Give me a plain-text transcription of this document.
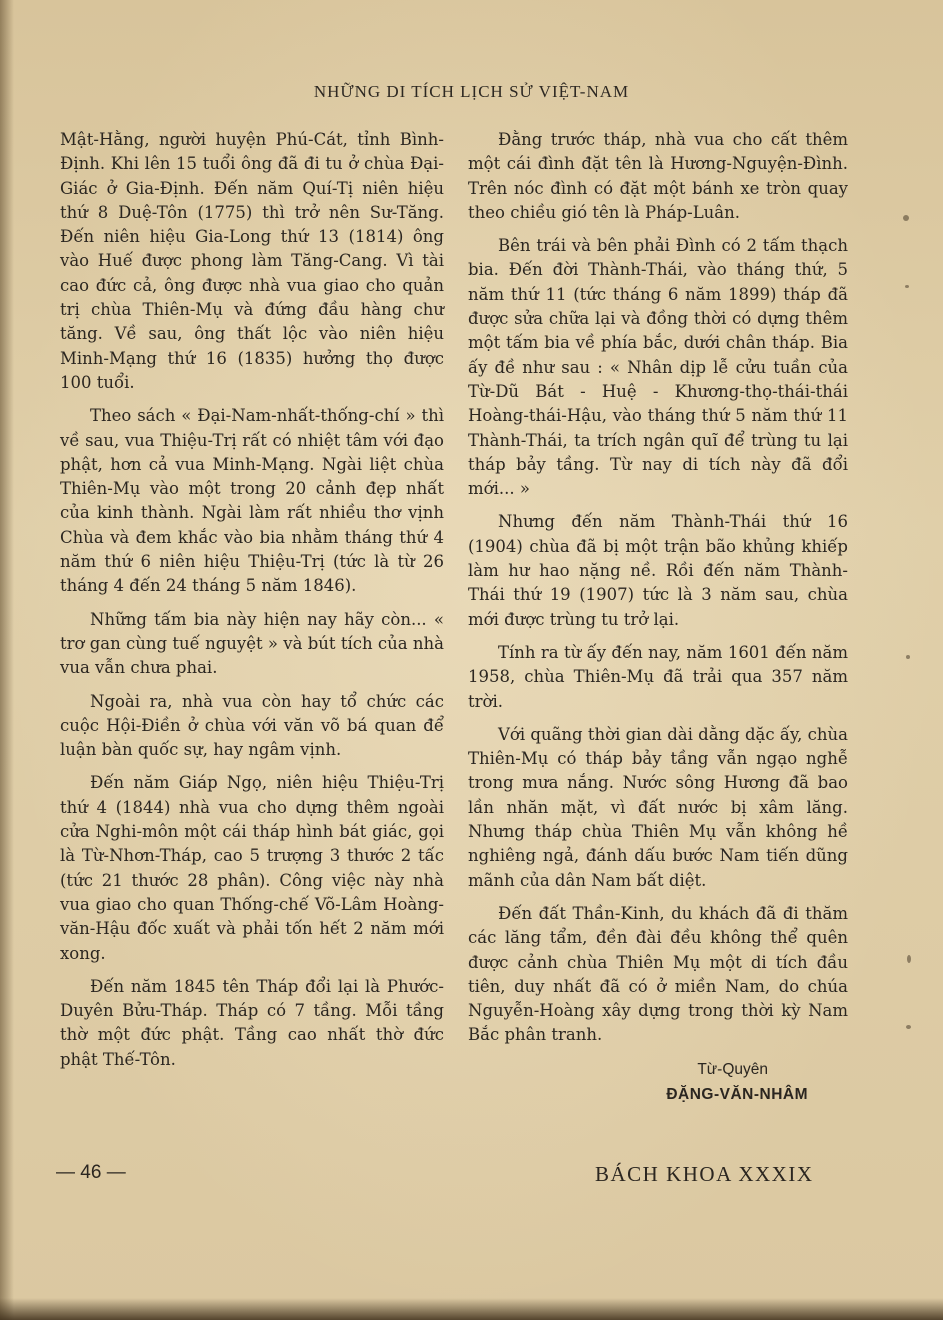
NHỮNG DI TÍCH LỊCH SỬ VIỆT-NAM

Mật-Hằng, người huyện Phú-Cát, tỉnh Bình-Định. Khi lên 15 tuổi ông đã đi tu ở chùa Đại-Giác ở Gia-Định. Đến năm Quí-Tị niên hiệu thứ 8 Duệ-Tôn (1775) thì trở nên Sư-Tăng. Đến niên hiệu Gia-Long thứ 13 (1814) ông vào Huế được phong làm Tăng-Cang. Vì tài cao đức cả, ông được nhà vua giao cho quản trị chùa Thiên-Mụ và đứng đầu hàng chư tăng. Về sau, ông thất lộc vào niên hiệu Minh-Mạng thứ 16 (1835) hưởng thọ được 100 tuổi.

Theo sách « Đại-Nam-nhất-thống-chí » thì về sau, vua Thiệu-Trị rất có nhiệt tâm với đạo phật, hơn cả vua Minh-Mạng. Ngài liệt chùa Thiên-Mụ vào một trong 20 cảnh đẹp nhất của kinh thành. Ngài làm rất nhiều thơ vịnh Chùa và đem khắc vào bia nhằm tháng thứ 4 năm thứ 6 niên hiệu Thiệu-Trị (tức là từ 26 tháng 4 đến 24 tháng 5 năm 1846).

Những tấm bia này hiện nay hãy còn... « trơ gan cùng tuế nguyệt » và bút tích của nhà vua vẫn chưa phai.

Ngoài ra, nhà vua còn hay tổ chức các cuộc Hội-Điền ở chùa với văn võ bá quan để luận bàn quốc sự, hay ngâm vịnh.

Đến năm Giáp Ngọ, niên hiệu Thiệu-Trị thứ 4 (1844) nhà vua cho dựng thêm ngoài cửa Nghi-môn một cái tháp hình bát giác, gọi là Từ-Nhơn-Tháp, cao 5 trượng 3 thước 2 tấc (tức 21 thước 28 phân). Công việc này nhà vua giao cho quan Thống-chế Võ-Lâm Hoàng-văn-Hậu đốc xuất và phải tốn hết 2 năm mới xong.

Đến năm 1845 tên Tháp đổi lại là Phước-Duyên Bửu-Tháp. Tháp có 7 tầng. Mỗi tầng thờ một đức phật. Tầng cao nhất thờ đức phật Thế-Tôn.

Đằng trước tháp, nhà vua cho cất thêm một cái đình đặt tên là Hương-Nguyện-Đình. Trên nóc đình có đặt một bánh xe tròn quay theo chiều gió tên là Pháp-Luân.

Bên trái và bên phải Đình có 2 tấm thạch bia. Đến đời Thành-Thái, vào tháng thứ, 5 năm thứ 11 (tức tháng 6 năm 1899) tháp đã được sửa chữa lại và đồng thời có dựng thêm một tấm bia về phía bắc, dưới chân tháp. Bia ấy đề như sau : « Nhân dịp lễ cửu tuần của Từ-Dũ Bát - Huệ - Khương-thọ-thái-thái Hoàng-thái-Hậu, vào tháng thứ 5 năm thứ 11 Thành-Thái, ta trích ngân quĩ để trùng tu lại tháp bảy tầng. Từ nay di tích này đã đổi mới... »

Nhưng đến năm Thành-Thái thứ 16 (1904) chùa đã bị một trận bão khủng khiếp làm hư hao nặng nề. Rồi đến năm Thành-Thái thứ 19 (1907) tức là 3 năm sau, chùa mới được trùng tu trở lại.

Tính ra từ ấy đến nay, năm 1601 đến năm 1958, chùa Thiên-Mụ đã trải qua 357 năm trời.

Với quãng thời gian dài dằng dặc ấy, chùa Thiên-Mụ có tháp bảy tầng vẫn ngạo nghễ trong mưa nắng. Nước sông Hương đã bao lần nhăn mặt, vì đất nước bị xâm lăng. Nhưng tháp chùa Thiên Mụ vẫn không hề nghiêng ngả, đánh dấu bước Nam tiến dũng mãnh của dân Nam bất diệt.

Đến đất Thần-Kinh, du khách đã đi thăm các lăng tẩm, đền đài đều không thể quên được cảnh chùa Thiên Mụ một di tích đầu tiên, duy nhất đã có ở miền Nam, do chúa Nguyễn-Hoàng xây dựng trong thời kỳ Nam Bắc phân tranh.

Từ-Quyên
ĐẶNG-VĂN-NHÂM
— 46 —	BÁCH KHOA XXXIX
